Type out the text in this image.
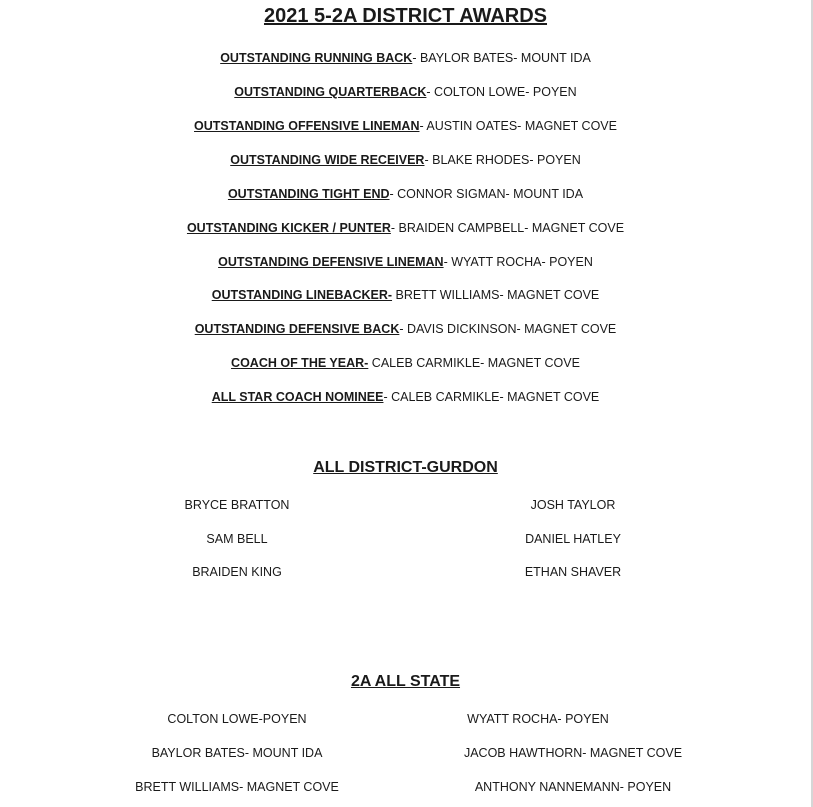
2021 5-2A DISTRICT AWARDS
OUTSTANDING RUNNING BACK- BAYLOR BATES- MOUNT IDA
OUTSTANDING QUARTERBACK- COLTON LOWE- POYEN
OUTSTANDING OFFENSIVE LINEMAN- AUSTIN OATES- MAGNET COVE
OUTSTANDING WIDE RECEIVER- BLAKE RHODES- POYEN
OUTSTANDING TIGHT END- CONNOR SIGMAN- MOUNT IDA
OUTSTANDING KICKER / PUNTER- BRAIDEN CAMPBELL- MAGNET COVE
OUTSTANDING DEFENSIVE LINEMAN- WYATT ROCHA- POYEN
OUTSTANDING LINEBACKER- BRETT WILLIAMS- MAGNET COVE
OUTSTANDING DEFENSIVE BACK- DAVIS DICKINSON- MAGNET COVE
COACH OF THE YEAR- CALEB CARMIKLE- MAGNET COVE
ALL STAR COACH NOMINEE- CALEB CARMIKLE- MAGNET COVE
ALL DISTRICT-GURDON
BRYCE BRATTON
SAM BELL
BRAIDEN KING
JOSH TAYLOR
DANIEL HATLEY
ETHAN SHAVER
2A ALL STATE
COLTON LOWE-POYEN
BAYLOR BATES- MOUNT IDA
BRETT WILLIAMS- MAGNET COVE
WYATT ROCHA- POYEN
JACOB HAWTHORN- MAGNET COVE
ANTHONY NANNEMANN- POYEN
